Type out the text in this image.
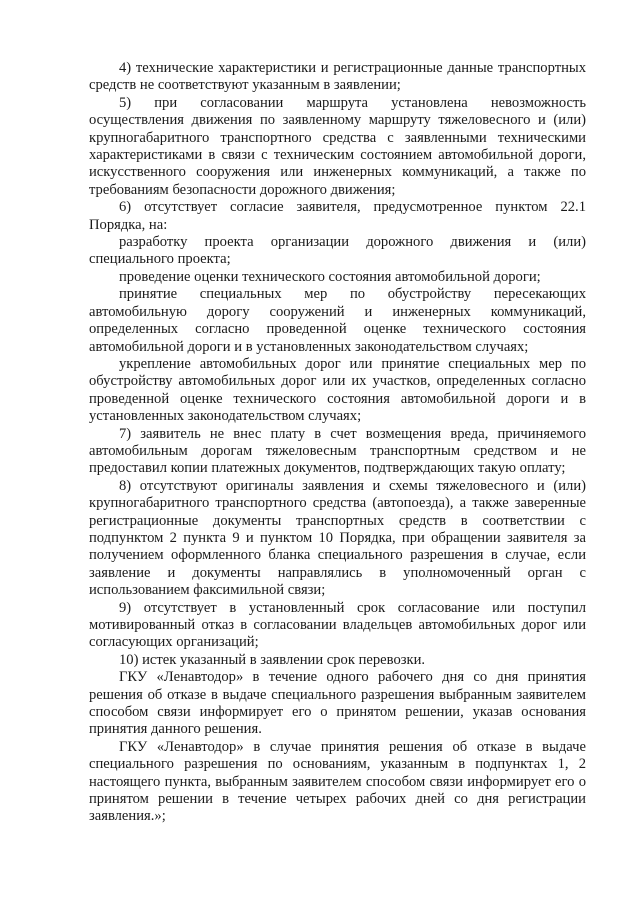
4) технические характеристики и регистрационные данные транспортных средств не соответствуют указанным в заявлении;

5) при согласовании маршрута установлена невозможность осуществления движения по заявленному маршруту тяжеловесного и (или) крупногабаритного транспортного средства с заявленными техническими характеристиками в связи с техническим состоянием автомобильной дороги, искусственного сооружения или инженерных коммуникаций, а также по требованиям безопасности дорожного движения;

6) отсутствует согласие заявителя, предусмотренное пунктом 22.1 Порядка, на:

разработку проекта организации дорожного движения и (или) специального проекта;

проведение оценки технического состояния автомобильной дороги;

принятие специальных мер по обустройству пересекающих автомобильную дорогу сооружений и инженерных коммуникаций, определенных согласно проведенной оценке технического состояния автомобильной дороги и в установленных законодательством случаях;

укрепление автомобильных дорог или принятие специальных мер по обустройству автомобильных дорог или их участков, определенных согласно проведенной оценке технического состояния автомобильной дороги и в установленных законодательством случаях;

7) заявитель не внес плату в счет возмещения вреда, причиняемого автомобильным дорогам тяжеловесным транспортным средством и не предоставил копии платежных документов, подтверждающих такую оплату;

8) отсутствуют оригиналы заявления и схемы тяжеловесного и (или) крупногабаритного транспортного средства (автопоезда), а также заверенные регистрационные документы транспортных средств в соответствии с подпунктом 2 пункта 9 и пунктом 10 Порядка, при обращении заявителя за получением оформленного бланка специального разрешения в случае, если заявление и документы направлялись в уполномоченный орган с использованием факсимильной связи;

9) отсутствует в установленный срок согласование или поступил мотивированный отказ в согласовании владельцев автомобильных дорог или согласующих организаций;

10) истек указанный в заявлении срок перевозки.

ГКУ «Ленавтодор» в течение одного рабочего дня со дня принятия решения об отказе в выдаче специального разрешения выбранным заявителем способом связи информирует его о принятом решении, указав основания принятия данного решения.

ГКУ «Ленавтодор» в случае принятия решения об отказе в выдаче специального разрешения по основаниям, указанным в подпунктах 1, 2 настоящего пункта, выбранным заявителем способом связи информирует его о принятом решении в течение четырех рабочих дней со дня регистрации заявления.»;
